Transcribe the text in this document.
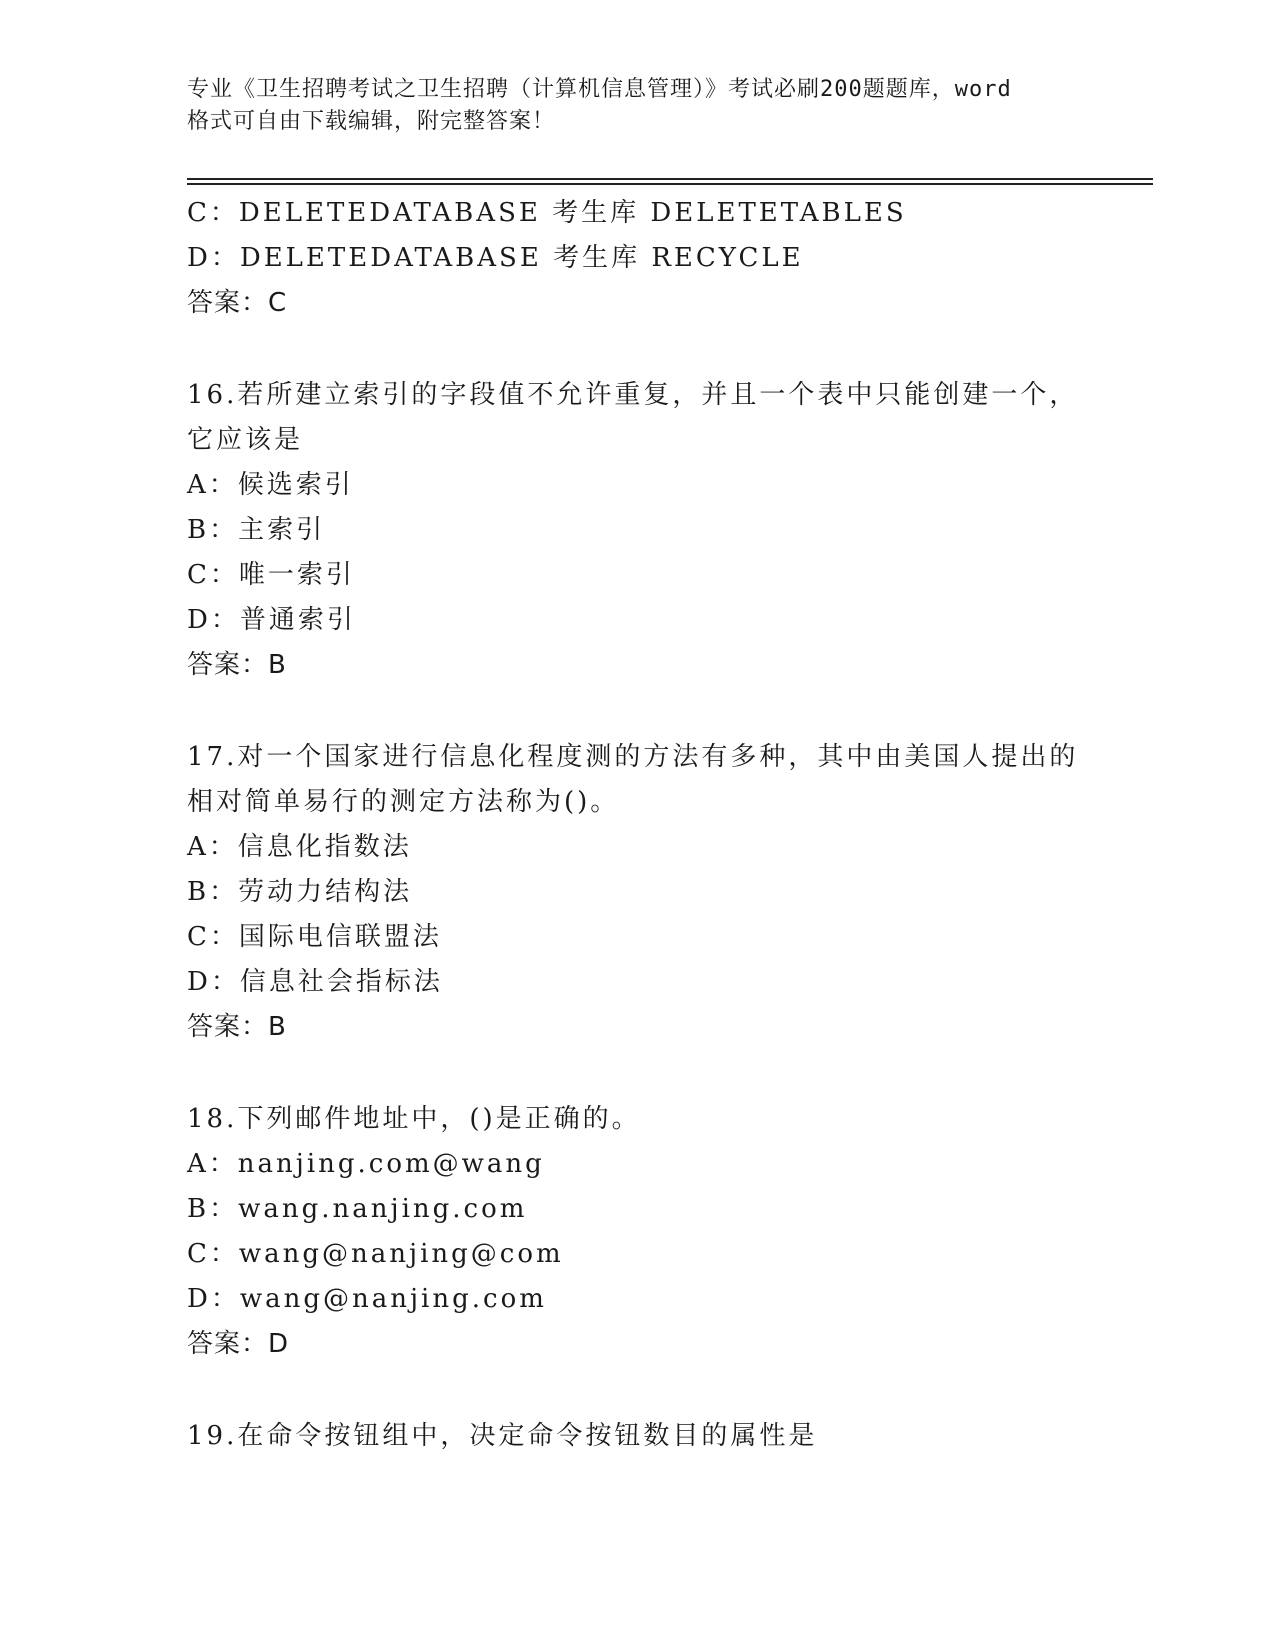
专业《卫生招聘考试之卫生招聘（计算机信息管理）》考试必刷200题题库，word
格式可自由下载编辑，附完整答案！
C：DELETEDATABASE 考生库 DELETETABLES
D：DELETEDATABASE 考生库 RECYCLE
答案：C
16.若所建立索引的字段值不允许重复，并且一个表中只能创建一个，
它应该是
A：候选索引
B：主索引
C：唯一索引
D：普通索引
答案：B
17.对一个国家进行信息化程度测的方法有多种，其中由美国人提出的
相对简单易行的测定方法称为()。
A：信息化指数法
B：劳动力结构法
C：国际电信联盟法
D：信息社会指标法
答案：B
18.下列邮件地址中，()是正确的。
A：nanjing.com@wang
B：wang.nanjing.com
C：wang@nanjing@com
D：wang@nanjing.com
答案：D
19.在命令按钮组中，决定命令按钮数目的属性是
